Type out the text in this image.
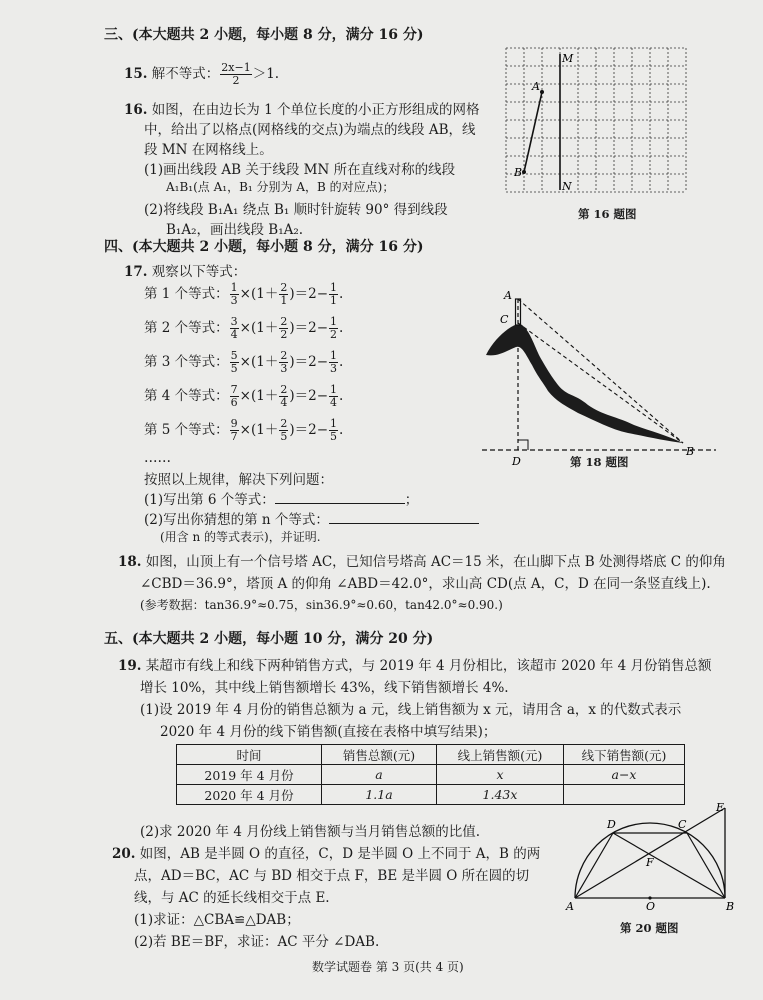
三、(本大题共 2 小题，每小题 8 分，满分 16 分)
15. 解不等式： $\frac{2x-1}{2} >1$.
16. 如图，在由边长为 1 个单位长度的小正方形组成的网格
中，给出了以格点(网格线的交点)为端点的线段 AB，线
段 MN 在网格线上。
(1)画出线段 AB 关于线段 MN 所在直线对称的线段
A₁B₁(点 A₁，B₁ 分别为 A，B 的对应点)；
(2)将线段 B₁A₁ 绕点 B₁ 顺时针旋转 90° 得到线段
B₁A₂，画出线段 B₁A₂.
M
N
A
B
第 16 题图
四、(本大题共 2 小题，每小题 8 分，满分 16 分)
17. 观察以下等式：
第 1 个等式： $\frac{1}{3} \times(1+ \frac{2}{1} )=2- \frac{1}{1}$ .
第 2 个等式： $\frac{3}{4} \times(1+ \frac{2}{2} )=2- \frac{1}{2}$ .
第 3 个等式： $\frac{5}{5} \times(1+ \frac{2}{3} )=2- \frac{1}{3}$ .
第 4 个等式： $\frac{7}{6} \times(1+ \frac{2}{4} )=2- \frac{1}{4}$ .
第 5 个等式： $\frac{9}{7} \times(1+ \frac{2}{5} )=2- \frac{1}{5}$ .
……
按照以上规律，解决下列问题：
(1)写出第 6 个等式：	；
(2)写出你猜想的第 n 个等式：
(用含 n 的等式表示)，并证明.
A
C
D
B
第 18 题图
18. 如图，山顶上有一个信号塔 AC，已知信号塔高 AC＝15 米，在山脚下点 B 处测得塔底 C 的仰角
∠CBD＝36.9°，塔顶 A 的仰角 ∠ABD＝42.0°，求山高 CD(点 A，C，D 在同一条竖直线上).
(参考数据：tan36.9°≈0.75，sin36.9°≈0.60，tan42.0°≈0.90.)
五、(本大题共 2 小题，每小题 10 分，满分 20 分)
19. 某超市有线上和线下两种销售方式，与 2019 年 4 月份相比，该超市 2020 年 4 月份销售总额
增长 10%，其中线上销售额增长 43%，线下销售额增长 4%.
(1)设 2019 年 4 月份的销售总额为 a 元，线上销售额为 x 元，请用含 a，x 的代数式表示
2020 年 4 月份的线下销售额(直接在表格中填写结果)；
时间	销售总额(元)	线上销售额(元)	线下销售额(元)
2019 年 4 月份	a	x	a−x
2020 年 4 月份	1.1a	1.43x	
(2)求 2020 年 4 月份线上销售额与当月销售总额的比值.
20. 如图，AB 是半圆 O 的直径，C，D 是半圆 O 上不同于 A，B 的两
点，AD＝BC，AC 与 BD 相交于点 F，BE 是半圆 O 所在圆的切
线，与 AC 的延长线相交于点 E.
(1)求证：△CBA≌△DAB；
(2)若 BE＝BF，求证：AC 平分 ∠DAB.
D	C
E
F
A	O	B
第 20 题图
数学试题卷 第 3 页(共 4 页)
